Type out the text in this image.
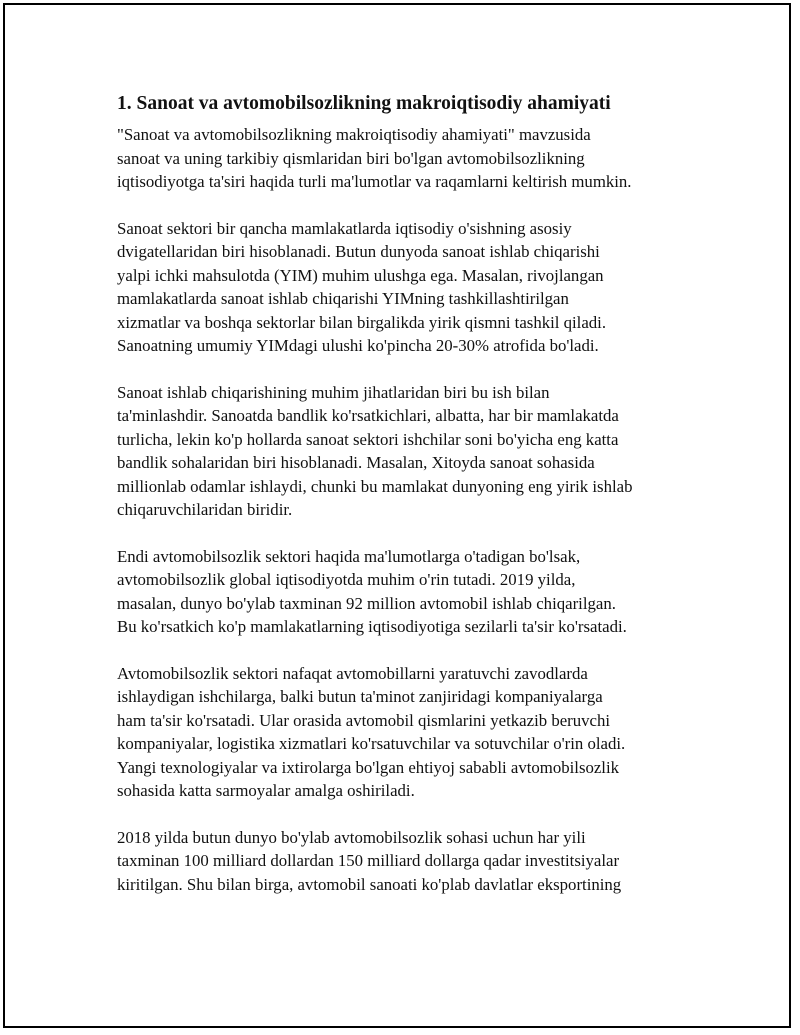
1. Sanoat va avtomobilsozlikning makroiqtisodiy ahamiyati
"Sanoat va avtomobilsozlikning makroiqtisodiy ahamiyati" mavzusida
sanoat va uning tarkibiy qismlaridan biri bo'lgan avtomobilsozlikning
iqtisodiyotga ta'siri haqida turli ma'lumotlar va raqamlarni keltirish mumkin.
Sanoat sektori bir qancha mamlakatlarda iqtisodiy o'sishning asosiy
dvigatellaridan biri hisoblanadi. Butun dunyoda sanoat ishlab chiqarishi
yalpi ichki mahsulotda (YIM) muhim ulushga ega. Masalan, rivojlangan
mamlakatlarda sanoat ishlab chiqarishi YIMning tashkillashtirilgan
xizmatlar va boshqa sektorlar bilan birgalikda yirik qismni tashkil qiladi.
Sanoatning umumiy YIMdagi ulushi ko'pincha 20-30% atrofida bo'ladi.
Sanoat ishlab chiqarishining muhim jihatlaridan biri bu ish bilan
ta'minlashdir. Sanoatda bandlik ko'rsatkichlari, albatta, har bir mamlakatda
turlicha, lekin ko'p hollarda sanoat sektori ishchilar soni bo'yicha eng katta
bandlik sohalaridan biri hisoblanadi. Masalan, Xitoyda sanoat sohasida
millionlab odamlar ishlaydi, chunki bu mamlakat dunyoning eng yirik ishlab
chiqaruvchilaridan biridir.
Endi avtomobilsozlik sektori haqida ma'lumotlarga o'tadigan bo'lsak,
avtomobilsozlik global iqtisodiyotda muhim o'rin tutadi. 2019 yilda,
masalan, dunyo bo'ylab taxminan 92 million avtomobil ishlab chiqarilgan.
Bu ko'rsatkich ko'p mamlakatlarning iqtisodiyotiga sezilarli ta'sir ko'rsatadi.
Avtomobilsozlik sektori nafaqat avtomobillarni yaratuvchi zavodlarda
ishlaydigan ishchilarga, balki butun ta'minot zanjiridagi kompaniyalarga
ham ta'sir ko'rsatadi. Ular orasida avtomobil qismlarini yetkazib beruvchi
kompaniyalar, logistika xizmatlari ko'rsatuvchilar va sotuvchilar o'rin oladi.
Yangi texnologiyalar va ixtirolarga bo'lgan ehtiyoj sababli avtomobilsozlik
sohasida katta sarmoyalar amalga oshiriladi.
2018 yilda butun dunyo bo'ylab avtomobilsozlik sohasi uchun har yili
taxminan 100 milliard dollardan 150 milliard dollarga qadar investitsiyalar
kiritilgan. Shu bilan birga, avtomobil sanoati ko'plab davlatlar eksportining
